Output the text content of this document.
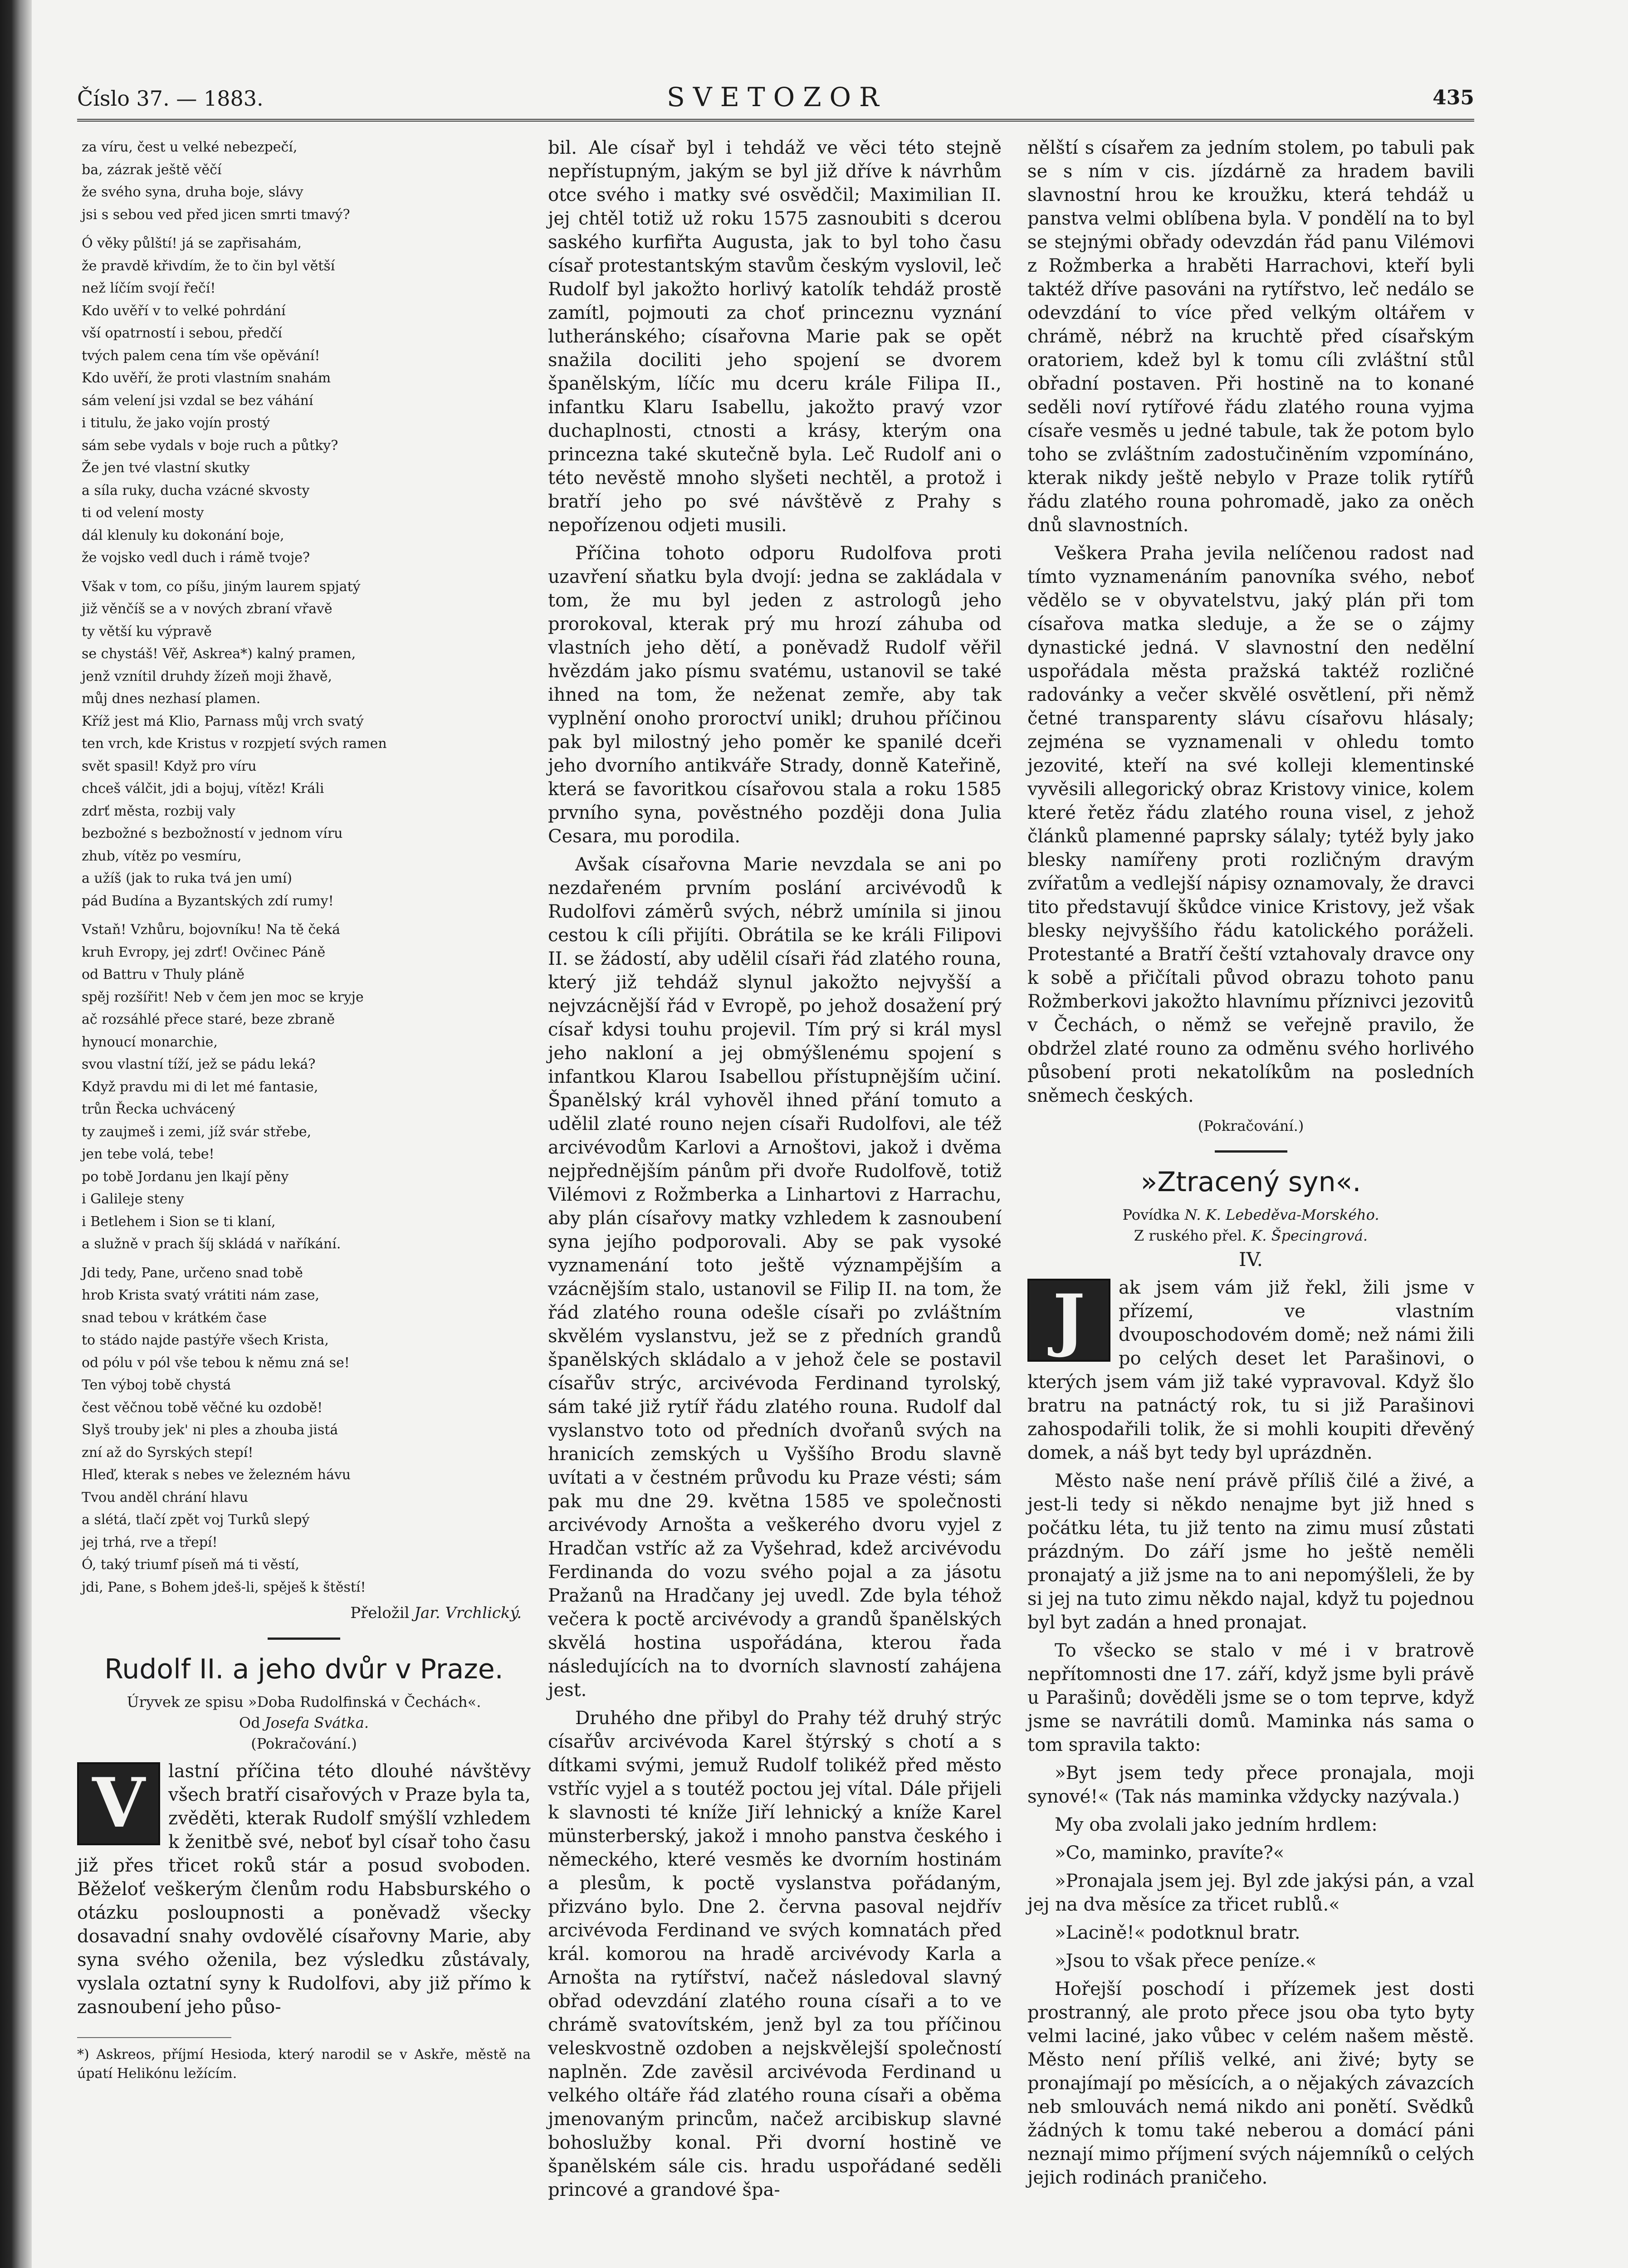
Číslo 37. — 1883.	SVETOZOR	435
za víru, čest u velké nebezpečí,
ba, zázrak ještě věčí
že svého syna, druha boje, slávy
jsi s sebou ved před jicen smrti tmavý?
Ó věky půlští! já se zapřisahám,
že pravdě křivdím, že to čin byl větší
než líčím svojí řečí!
Kdo uvěří v to velké pohrdání
vší opatrností i sebou, předčí
tvých palem cena tím vše opěvání!
Kdo uvěří, že proti vlastním snahám
sám velení jsi vzdal se bez váhání
i titulu, že jako vojín prostý
sám sebe vydals v boje ruch a půtky?
Že jen tvé vlastní skutky
a síla ruky, ducha vzácné skvosty
ti od velení mosty
dál klenuly ku dokonání boje,
že vojsko vedl duch i rámě tvoje?
Však v tom, co píšu, jiným laurem spjatý
již věnčíš se a v nových zbraní vřavě
ty větší ku výpravě
se chystáš! Věř, Askrea*) kalný pramen,
jenž vznítil druhdy žízeň moji žhavě,
můj dnes nezhasí plamen.
Kříž jest má Klio, Parnass můj vrch svatý
ten vrch, kde Kristus v rozpjetí svých ramen
svět spasil! Když pro víru
chceš válčit, jdi a bojuj, vítěz! Králi
zdrť města, rozbij valy
bezbožné s bezbožností v jednom víru
zhub, vítěz po vesmíru,
a užíš (jak to ruka tvá jen umí)
pád Budína a Byzantských zdí rumy!
Vstaň! Vzhůru, bojovníku! Na tě čeká
kruh Evropy, jej zdrť! Ovčinec Páně
od Battru v Thuly pláně
spěj rozšířit! Neb v čem jen moc se kryje
ač rozsáhlé přece staré, beze zbraně
hynoucí monarchie,
svou vlastní tíží, jež se pádu leká?
Když pravdu mi di let mé fantasie,
trůn Řecka uchvácený
ty zaujmeš i zemi, jíž svár střebe,
jen tebe volá, tebe!
po tobě Jordanu jen lkají pěny
i Galileje steny
i Betlehem i Sion se ti klaní,
a služně v prach šíj skládá v naříkání.
Jdi tedy, Pane, určeno snad tobě
hrob Krista svatý vrátiti nám zase,
snad tebou v krátkém čase
to stádo najde pastýře všech Krista,
od pólu v pól vše tebou k němu zná se!
Ten výboj tobě chystá
čest věčnou tobě věčné ku ozdobě!
Slyš trouby jek' ni ples a zhouba jistá
zní až do Syrských stepí!
Hleď, kterak s nebes ve železném hávu
Tvou anděl chrání hlavu
a slétá, tlačí zpět voj Turků slepý
jej trhá, rve a třepí!
Ó, taký triumf píseň má ti věstí,
jdi, Pane, s Bohem jdeš-li, spěješ k štěstí!
Přeložil Jar. Vrchlický.
Rudolf II. a jeho dvůr v Praze.
Úryvek ze spisu »Doba Rudolfinská v Čechách«.
Od Josefa Svátka.
(Pokračování.)
V	lastní příčina této dlouhé návštěvy všech bratří cisařových v Praze byla ta, zvěděti, kterak Rudolf smýšlí vzhledem k ženitbě své, neboť byl císař toho času již přes třicet roků stár a posud svoboden. Běželoť veškerým členům rodu Habsburského o otázku posloupnosti a poněvadž všecky dosavadní snahy ovdovělé císařovny Marie, aby syna svého oženila, bez výsledku zůstávaly, vyslala oztatní syny k Rudolfovi, aby již přímo k zasnoubení jeho půso-

*) Askreos, příjmí Hesioda, který narodil se v Askře, městě na úpatí Helikónu ležícím.

bil. Ale císař byl i tehdáž ve věci této stejně nepřístupným, jakým se byl již dříve k návrhům otce svého i matky své osvědčil; Maximilian II. jej chtěl totiž už roku 1575 zasnoubiti s dcerou saského kurfiřta Augusta, jak to byl toho času císař protestantským stavům českým vyslovil, leč Rudolf byl jakožto horlivý katolík tehdáž prostě zamítl, pojmouti za choť princeznu vyznání lutheránského; císařovna Marie pak se opět snažila dociliti jeho spojení se dvorem španělským, líčíc mu dceru krále Filipa II., infantku Klaru Isabellu, jakožto pravý vzor duchaplnosti, ctnosti a krásy, kterým ona princezna také skutečně byla. Leč Rudolf ani o této nevěstě mnoho slyšeti nechtěl, a protož i bratří jeho po své návštěvě z Prahy s nepořízenou odjeti musili.

Příčina tohoto odporu Rudolfova proti uzavření sňatku byla dvojí: jedna se zakládala v tom, že mu byl jeden z astrologů jeho prorokoval, kterak prý mu hrozí záhuba od vlastních jeho dětí, a poněvadž Rudolf věřil hvězdám jako písmu svatému, ustanovil se také ihned na tom, že neženat zemře, aby tak vyplnění onoho proroctví unikl; druhou příčinou pak byl milostný jeho poměr ke spanilé dceři jeho dvorního antikváře Strady, donně Kateřině, která se favoritkou císařovou stala a roku 1585 prvního syna, pověstného později dona Julia Cesara, mu porodila.

Avšak císařovna Marie nevzdala se ani po nezdařeném prvním poslání arcivévodů k Rudolfovi záměrů svých, nébrž umínila si jinou cestou k cíli přijíti. Obrátila se ke králi Filipovi II. se žádostí, aby udělil císaři řád zlatého rouna, který již tehdáž slynul jakožto nejvyšší a nejvzácnější řád v Evropě, po jehož dosažení prý císař kdysi touhu projevil. Tím prý si král mysl jeho nakloní a jej obmýšlenému spojení s infantkou Klarou Isabellou přístupnějším učiní. Španělský král vyhověl ihned přání tomuto a udělil zlaté rouno nejen císaři Rudolfovi, ale též arcivévodům Karlovi a Arnoštovi, jakož i dvěma nejpřednějším pánům při dvoře Rudolfově, totiž Vilémovi z Rožmberka a Linhartovi z Harrachu, aby plán císařovy matky vzhledem k zasnoubení syna jejího podporovali. Aby se pak vysoké vyznamenání toto ještě význampějším a vzácnějším stalo, ustanovil se Filip II. na tom, že řád zlatého rouna odešle císaři po zvláštním skvělém vyslanstvu, jež se z předních grandů španělských skládalo a v jehož čele se postavil císařův strýc, arcivévoda Ferdinand tyrolský, sám také již rytíř řádu zlatého rouna. Rudolf dal vyslanstvo toto od předních dvořanů svých na hranicích zemských u Vyššího Brodu slavně uvítati a v čestném průvodu ku Praze vésti; sám pak mu dne 29. května 1585 ve společnosti arcivévody Arnošta a veškerého dvoru vyjel z Hradčan vstříc až za Vyšehrad, kdež arcivévodu Ferdinanda do vozu svého pojal a za jásotu Pražanů na Hradčany jej uvedl. Zde byla téhož večera k poctě arcivévody a grandů španělských skvělá hostina uspořádána, kterou řada následujících na to dvorních slavností zahájena jest.

Druhého dne přibyl do Prahy též druhý strýc císařův arcivévoda Karel štýrský s chotí a s dítkami svými, jemuž Rudolf tolikéž před město vstříc vyjel a s toutéž poctou jej vítal. Dále přijeli k slavnosti té kníže Jiří lehnický a kníže Karel münsterberský, jakož i mnoho panstva českého i německého, které vesměs ke dvorním hostinám a plesům, k poctě vyslanstva pořádaným, přizváno bylo. Dne 2. června pasoval nejdřív arcivévoda Ferdinand ve svých komnatách před král. komorou na hradě arcivévody Karla a Arnošta na rytířství, načež následoval slavný obřad odevzdání zlatého rouna císaři a to ve chrámě svatovítském, jenž byl za tou příčinou veleskvostně ozdoben a nejskvělejší společností naplněn. Zde zavěsil arcivévoda Ferdinand u velkého oltáře řád zlatého rouna císaři a oběma jmenovaným princům, načež arcibiskup slavné bohoslužby konal. Při dvorní hostině ve španělském sále cis. hradu uspořádané seděli princové a grandové špa-

nělští s císařem za jedním stolem, po tabuli pak se s ním v cis. jízdárně za hradem bavili slavnostní hrou ke kroužku, která tehdáž u panstva velmi oblíbena byla. V pondělí na to byl se stejnými obřady odevzdán řád panu Vilémovi z Rožmberka a hraběti Harrachovi, kteří byli taktéž dříve pasováni na rytířstvo, leč nedálo se odevzdání to více před velkým oltářem v chrámě, nébrž na kruchtě před císařským oratoriem, kdež byl k tomu cíli zvláštní stůl obřadní postaven. Při hostině na to konané seděli noví rytířové řádu zlatého rouna vyjma císaře vesměs u jedné tabule, tak že potom bylo toho se zvláštním zadostučiněním vzpomínáno, kterak nikdy ještě nebylo v Praze tolik rytířů řádu zlatého rouna pohromadě, jako za oněch dnů slavnostních.

Veškera Praha jevila nelíčenou radost nad tímto vyznamenáním panovníka svého, neboť vědělo se v obyvatelstvu, jaký plán při tom císařova matka sleduje, a že se o zájmy dynastické jedná. V slavnostní den nedělní uspořádala města pražská taktéž rozličné radovánky a večer skvělé osvětlení, při němž četné transparenty slávu císařovu hlásaly; zejména se vyznamenali v ohledu tomto jezovité, kteří na své kolleji klementinské vyvěsili allegorický obraz Kristovy vinice, kolem které řetěz řádu zlatého rouna visel, z jehož článků plamenné paprsky sálaly; tytéž byly jako blesky namířeny proti rozličným dravým zvířatům a vedlejší nápisy oznamovaly, že dravci tito představují škůdce vinice Kristovy, jež však blesky nejvyššího řádu katolického poráželi. Protestanté a Bratří čeští vztahovaly dravce ony k sobě a přičítali původ obrazu tohoto panu Rožmberkovi jakožto hlavnímu příznivci jezovitů v Čechách, o němž se veřejně pravilo, že obdržel zlaté rouno za odměnu svého horlivého působení proti nekatolíkům na posledních sněmech českých.

(Pokračování.)
»Ztracený syn«.
Povídka N. K. Lebeděva-Morského.
Z ruského přel. K. Špecingrová.
IV.
J	ak jsem vám již řekl, žili jsme v přízemí, ve vlastním dvouposchodovém domě; než námi žili po celých deset let Parašinovi, o kterých jsem vám již také vypravoval. Když šlo bratru na patnáctý rok, tu si již Parašinovi zahospodařili tolik, že si mohli koupiti dřevěný domek, a náš byt tedy byl uprázdněn.

Město naše není právě příliš čilé a živé, a jest-li tedy si někdo nenajme byt již hned s počátku léta, tu již tento na zimu musí zůstati prázdným. Do září jsme ho ještě neměli pronajatý a již jsme na to ani nepomýšleli, že by si jej na tuto zimu někdo najal, když tu pojednou byl byt zadán a hned pronajat.

To všecko se stalo v mé i v bratrově nepřítomnosti dne 17. září, když jsme byli právě u Parašinů; dověděli jsme se o tom teprve, když jsme se navrátili domů. Maminka nás sama o tom spravila takto:

»Byt jsem tedy přece pronajala, moji synové!« (Tak nás maminka vždycky nazývala.)

My oba zvolali jako jedním hrdlem:

»Co, maminko, pravíte?«

»Pronajala jsem jej. Byl zde jakýsi pán, a vzal jej na dva měsíce za třicet rublů.«

»Lacině!« podotknul bratr.

»Jsou to však přece peníze.«

Hořejší poschodí i přízemek jest dosti prostranný, ale proto přece jsou oba tyto byty velmi laciné, jako vůbec v celém našem městě. Město není příliš velké, ani živé; byty se pronajímají po měsících, a o nějakých závazcích neb smlouvách nemá nikdo ani ponětí. Svědků žádných k tomu také neberou a domácí páni neznají mimo příjmení svých nájemníků o celých jejich rodinách praničeho.
